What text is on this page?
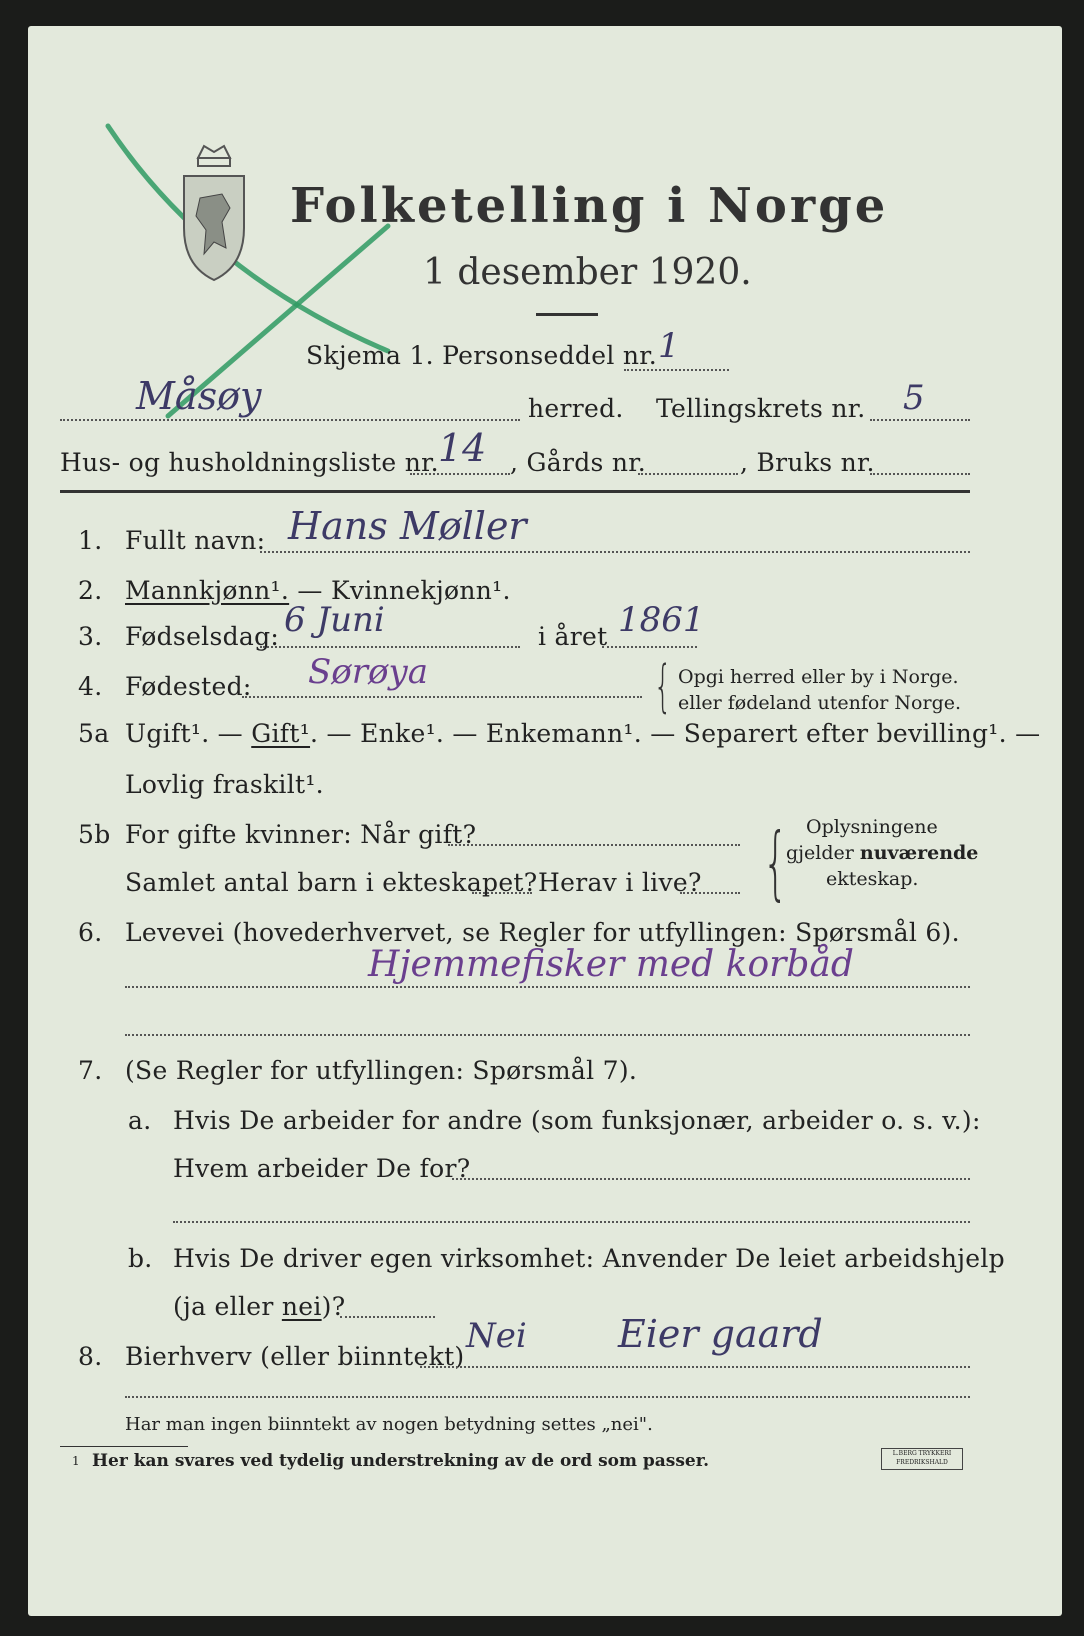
Folketelling i Norge
1 desember 1920.
Skjema 1. Personseddel nr. 1
Måsøy	herred. Tellingskrets nr. 5
Hus- og husholdningsliste nr. 14 , Gårds nr.	, Bruks nr.
1. Fullt navn: Hans Møller
2. Mannkjønn¹. — Kvinnekjønn¹.
3. Fødselsdag: 6 Juni	i året 1861
4. Fødested: Sørøya	{ Opgi herred eller by i Norge.
eller fødeland utenfor Norge.
5a Ugift¹. — Gift¹. — Enke¹. — Enkemann¹. — Separert efter bevilling¹. —
Lovlig fraskilt¹.
5b For gifte kvinner: Når gift?
Samlet antal barn i ekteskapet? Herav i live? { Oplysningene
gjelder nuværende
ekteskap.
6. Levevei (hovederhvervet, se Regler for utfyllingen: Spørsmål 6).
Hjemmefisker med korbåd
7. (Se Regler for utfyllingen: Spørsmål 7).
a. Hvis De arbeider for andre (som funksjonær, arbeider o. s. v.):
Hvem arbeider De for?
b. Hvis De driver egen virksomhet: Anvender De leiet arbeidshjelp
(ja eller nei)?
8. Bierhverv (eller biinntekt)
Nei Eier gaard
Har man ingen biinntekt av nogen betydning settes „nei".
1 Her kan svares ved tydelig understrekning av de ord som passer.	L.BERG TRYKKERI
FREDRIKSHALD
